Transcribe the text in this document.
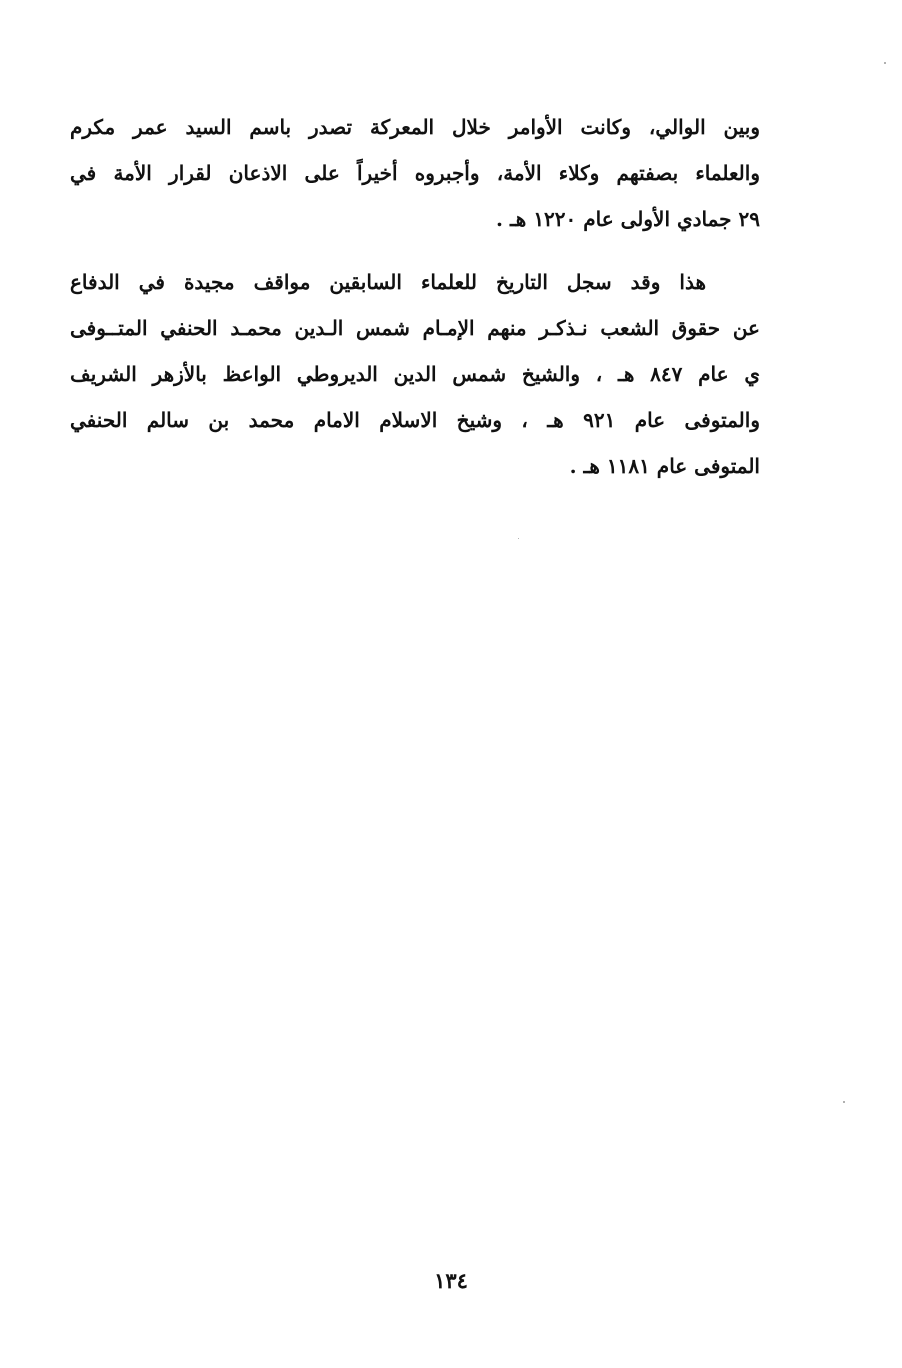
وبين الوالي، وكانت الأوامر خلال المعركة تصدر باسم السيد عمر مكرم
والعلماء بصفتهم وكلاء الأمة، وأجبروه أخيراً على الاذعان لقرار الأمة في
٢٩ جمادي الأولى عام ١٢٢٠ هـ .

هذا وقد سجل التاريخ للعلماء السابقين مواقف مجيدة في الدفاع
عن حقوق الشعب نـذكـر منهم الإمـام شمس الـدين محمـد الحنفي المتــوفى
ي عام ٨٤٧ هـ ، والشيخ شمس الدين الديروطي الواعظ بالأزهر الشريف
والمتوفى عام ٩٢١ هـ ، وشيخ الاسلام الامام محمد بن سالم الحنفي
المتوفى عام ١١٨١ هـ .

١٣٤
